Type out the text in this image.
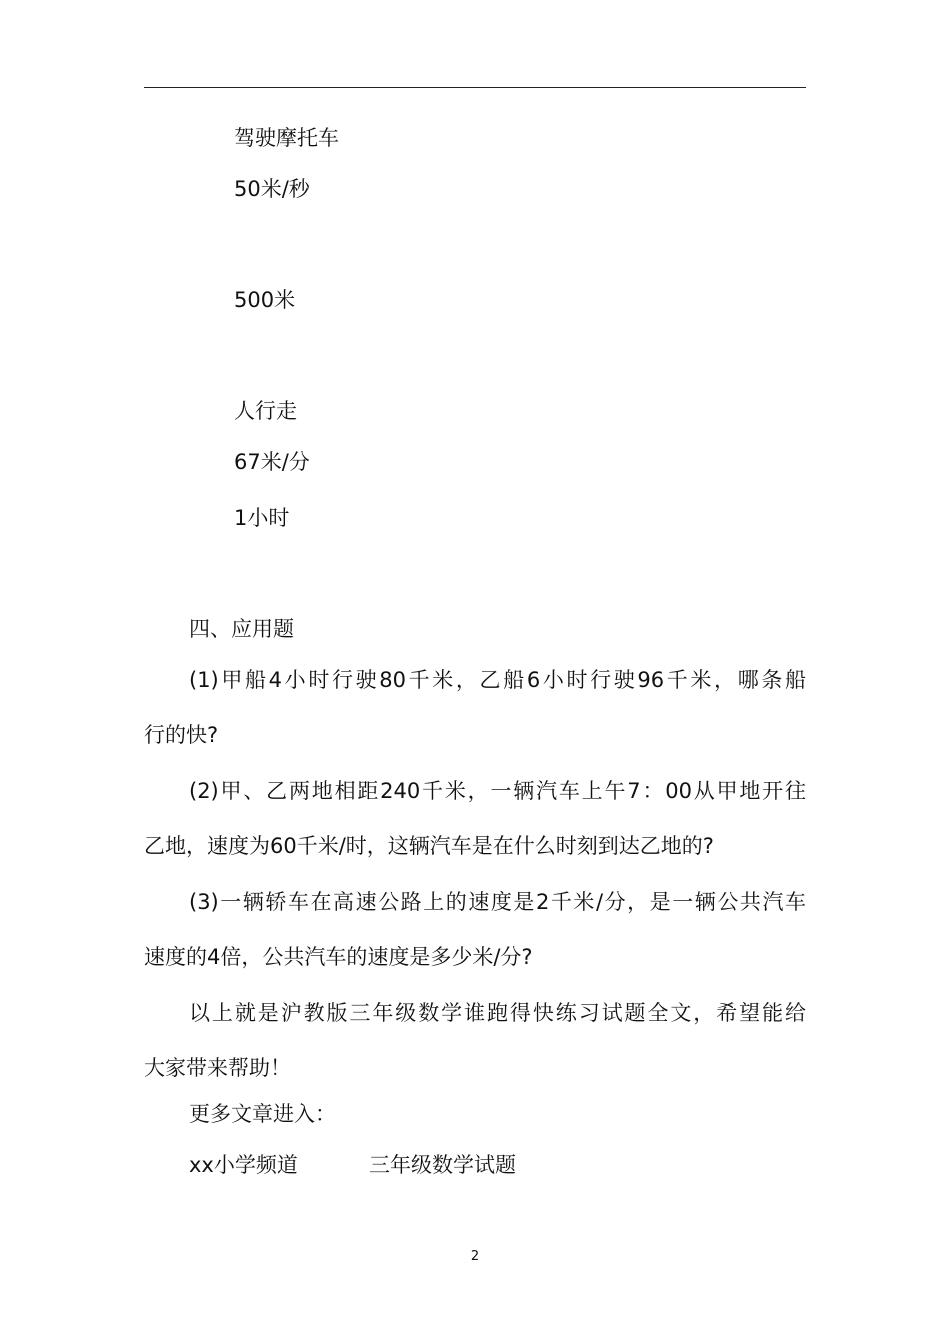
驾驶摩托车
50米/秒
500米
人行走
67米/分
1小时
四、应用题
(1)甲船4小时行驶80千米，乙船6小时行驶96千米，哪条船
行的快?
(2)甲、乙两地相距240千米，一辆汽车上午7：00从甲地开往
乙地，速度为60千米/时，这辆汽车是在什么时刻到达乙地的?
(3)一辆轿车在高速公路上的速度是2千米/分，是一辆公共汽车
速度的4倍，公共汽车的速度是多少米/分?
以上就是沪教版三年级数学谁跑得快练习试题全文，希望能给
大家带来帮助！
更多文章进入：
xx小学频道	三年级数学试题
2
